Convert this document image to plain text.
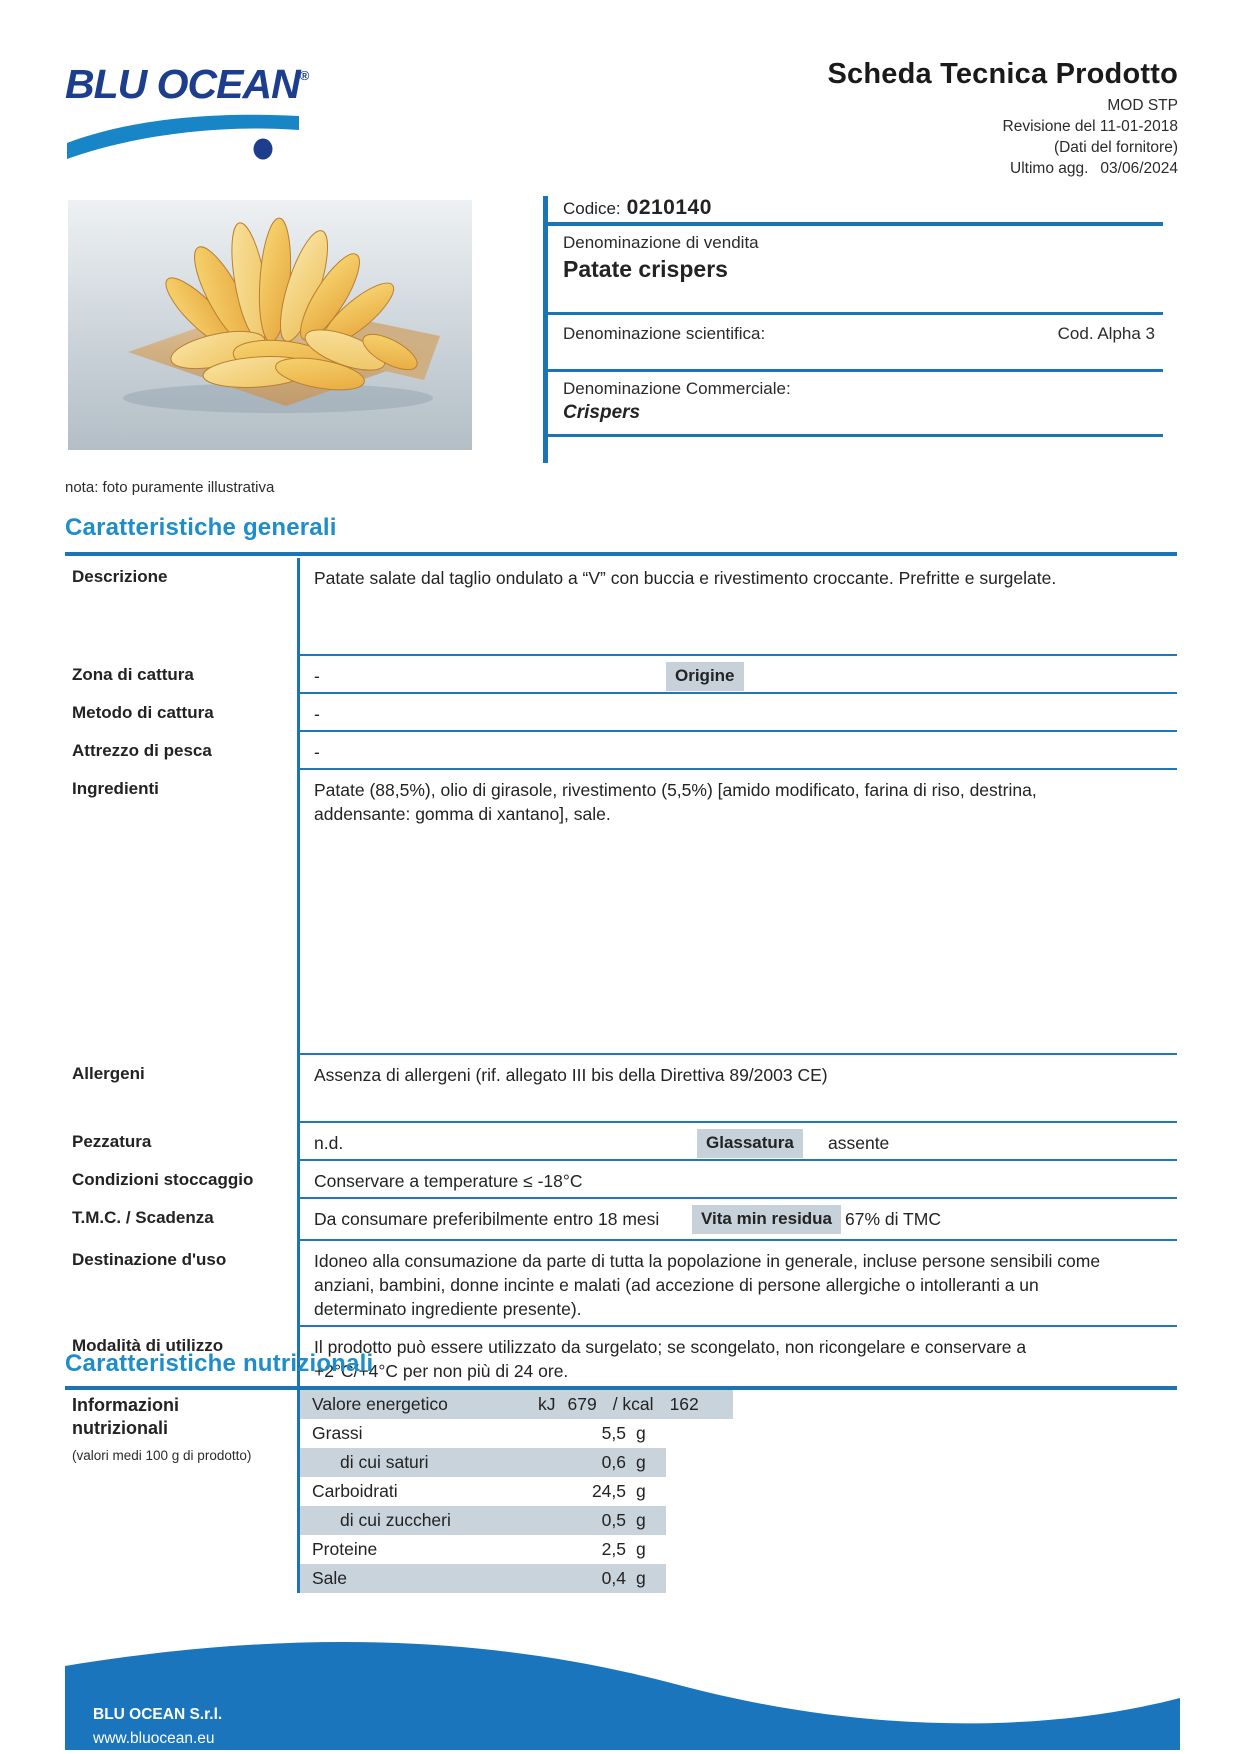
BLU OCEAN®	Scheda Tecnica Prodotto
MOD STP
Revisione del 11-01-2018
(Dati del fornitore)
Ultimo agg. 03/06/2024
Codice: 0210140
Denominazione di vendita
Patate crispers
Denominazione scientifica:	Cod. Alpha 3
Denominazione Commerciale:
Crispers
nota: foto puramente illustrativa
Caratteristiche generali
Descrizione	Patate salate dal taglio ondulato a “V” con buccia e rivestimento croccante. Prefritte e surgelate.
Zona di cattura	-	Origine
Metodo di cattura	-
Attrezzo di pesca	-
Ingredienti	Patate (88,5%), olio di girasole, rivestimento (5,5%) [amido modificato, farina di riso, destrina, addensante: gomma di xantano], sale.
Allergeni	Assenza di allergeni (rif. allegato III bis della Direttiva 89/2003 CE)
Pezzatura	n.d.	Glassatura	assente
Condizioni stoccaggio	Conservare a temperature ≤ -18°C
T.M.C. / Scadenza	Da consumare preferibilmente entro 18 mesi	Vita min residua 67% di TMC
Destinazione d'uso	Idoneo alla consumazione da parte di tutta la popolazione in generale, incluse persone sensibili come anziani, bambini, donne incinte e malati (ad accezione di persone allergiche o intolleranti a un determinato ingrediente presente).
Modalità di utilizzo	Il prodotto può essere utilizzato da surgelato; se scongelato, non ricongelare e conservare a +2°C/+4°C per non più di 24 ore.
Caratteristiche nutrizionali
Informazioni nutrizionali
(valori medi 100 g di prodotto)
Valore energetico	kJ 679 / kcal 162
Grassi	5,5 g
di cui saturi	0,6 g
Carboidrati	24,5 g
di cui zuccheri	0,5 g
Proteine	2,5 g
Sale	0,4 g
BLU OCEAN S.r.l.
www.bluocean.eu
